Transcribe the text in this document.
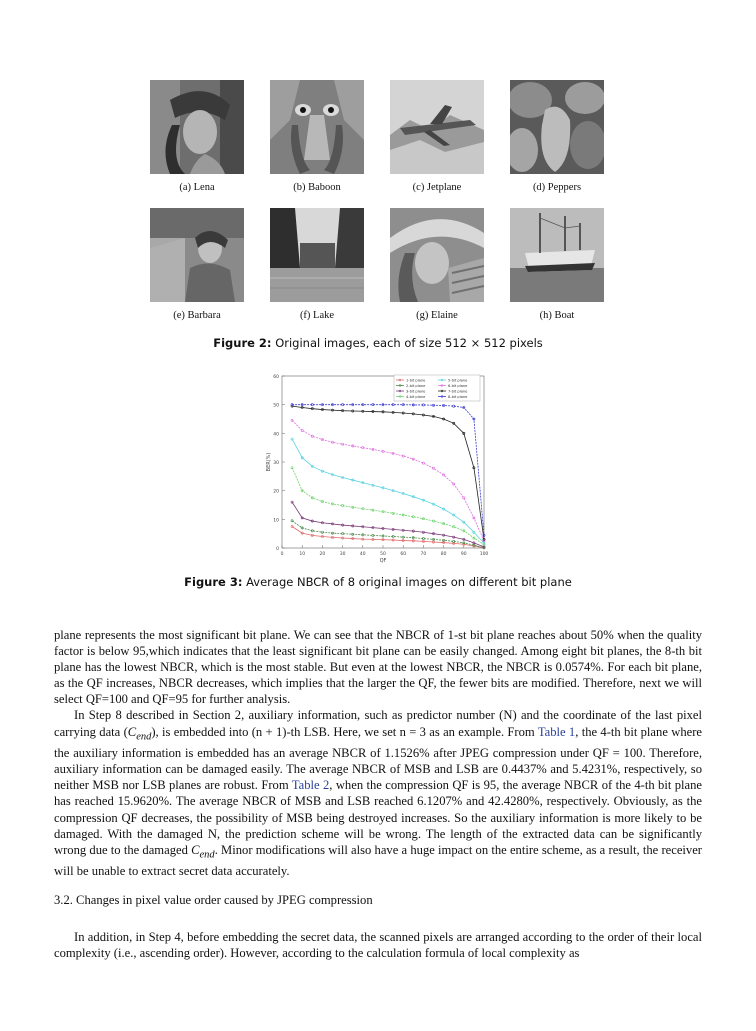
(a) Lena	(b) Baboon	(c) Jetplane	(d) Peppers
(e) Barbara	(f) Lake	(g) Elaine	(h) Boat
Figure 2: Original images, each of size 512 × 512 pixels
0
10
20
30
40
50
60
0	10	20	30	40	50	60	70	80	90	100
QF
BER(%)
1-bit plane
2-bit plane
3-bit plane
4-bit plane
5-bit plane
6-bit plane
7-bit plane
8-bit plane
Figure 3: Average NBCR of 8 original images on different bit plane

plane represents the most significant bit plane. We can see that the NBCR of 1-st bit plane reaches about 50% when the quality factor is below 95,which indicates that the least significant bit plane can be easily changed. Among eight bit planes, the 8-th bit plane has the lowest NBCR, which is the most stable. But even at the lowest NBCR, the NBCR is 0.0574%. For each bit plane, as the QF increases, NBCR decreases, which implies that the larger the QF, the fewer bits are modified. Therefore, next we will select QF=100 and QF=95 for further analysis.

In Step 8 described in Section 2, auxiliary information, such as predictor number (N) and the coordinate of the last pixel carrying data $(C_{end})$, is embedded into (n + 1)-th LSB. Here, we set n = 3 as an example. From Table 1, the 4-th bit plane where the auxiliary information is embedded has an average NBCR of 1.1526% after JPEG compression under QF = 100. Therefore, auxiliary information can be damaged easily. The average NBCR of MSB and LSB are 0.4437% and 5.4231%, respectively, so neither MSB nor LSB planes are robust. From Table 2, when the compression QF is 95, the average NBCR of the 4-th bit plane has reached 15.9620%. The average NBCR of MSB and LSB reached 6.1207% and 42.4280%, respectively. Obviously, as the compression QF decreases, the possibility of MSB being destroyed increases. So the auxiliary information is more likely to be damaged. With the damaged N, the prediction scheme will be wrong. The length of the extracted data can be significantly wrong due to the damaged $C_{end}$. Minor modifications will also have a huge impact on the entire scheme, as a result, the receiver will be unable to extract secret data accurately.

3.2. Changes in pixel value order caused by JPEG compression

In addition, in Step 4, before embedding the secret data, the scanned pixels are arranged according to the order of their local complexity (i.e., ascending order). However, according to the calculation formula of local complexity as
